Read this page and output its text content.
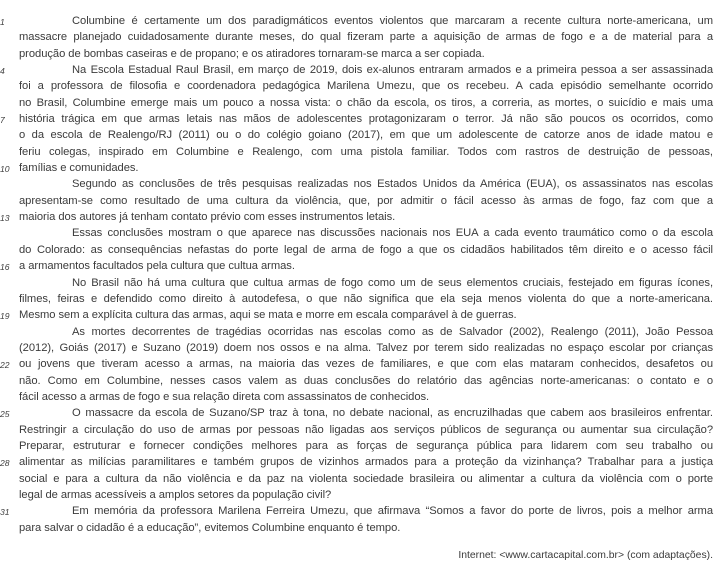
1	Columbine é certamente um dos paradigmáticos eventos violentos que marcaram a recente cultura norte-americana, um
massacre planejado cuidadosamente durante meses, do qual fizeram parte a aquisição de armas de fogo e a de material para a
produção de bombas caseiras e de propano; e os atiradores tornaram-se marca a ser copiada.
4	Na Escola Estadual Raul Brasil, em março de 2019, dois ex-alunos entraram armados e a primeira pessoa a ser assassinada
foi a professora de filosofia e coordenadora pedagógica Marilena Umezu, que os recebeu. A cada episódio semelhante ocorrido
no Brasil, Columbine emerge mais um pouco a nossa vista: o chão da escola, os tiros, a correria, as mortes, o suicídio e mais uma
7	história trágica em que armas letais nas mãos de adolescentes protagonizaram o terror. Já não são poucos os ocorridos, como
o da escola de Realengo/RJ (2011) ou o do colégio goiano (2017), em que um adolescente de catorze anos de idade matou e
feriu colegas, inspirado em Columbine e Realengo, com uma pistola familiar. Todos com rastros de destruição de pessoas,
10 famílias e comunidades.
Segundo as conclusões de três pesquisas realizadas nos Estados Unidos da América (EUA), os assassinatos nas escolas
apresentam-se como resultado de uma cultura da violência, que, por admitir o fácil acesso às armas de fogo, faz com que a
13 maioria dos autores já tenham contato prévio com esses instrumentos letais.
Essas conclusões mostram o que aparece nas discussões nacionais nos EUA a cada evento traumático como o da escola
do Colorado: as consequências nefastas do porte legal de arma de fogo a que os cidadãos habilitados têm direito e o acesso fácil
16 a armamentos facultados pela cultura que cultua armas.
No Brasil não há uma cultura que cultua armas de fogo como um de seus elementos cruciais, festejado em figuras ícones,
filmes, feiras e defendido como direito à autodefesa, o que não significa que ela seja menos violenta do que a norte-americana.
19 Mesmo sem a explícita cultura das armas, aqui se mata e morre em escala comparável à de guerras.
As mortes decorrentes de tragédias ocorridas nas escolas como as de Salvador (2002), Realengo (2011), João Pessoa
(2012), Goiás (2017) e Suzano (2019) doem nos ossos e na alma. Talvez por terem sido realizadas no espaço escolar por crianças
22 ou jovens que tiveram acesso a armas, na maioria das vezes de familiares, e que com elas mataram conhecidos, desafetos ou
não. Como em Columbine, nesses casos valem as duas conclusões do relatório das agências norte-americanas: o contato e o
fácil acesso a armas de fogo e sua relação direta com assassinatos de conhecidos.
25	O massacre da escola de Suzano/SP traz à tona, no debate nacional, as encruzilhadas que cabem aos brasileiros enfrentar.
Restringir a circulação do uso de armas por pessoas não ligadas aos serviços públicos de segurança ou aumentar sua circulação?
Preparar, estruturar e fornecer condições melhores para as forças de segurança pública para lidarem com seu trabalho ou
28 alimentar as milícias paramilitares e também grupos de vizinhos armados para a proteção da vizinhança? Trabalhar para a justiça
social e para a cultura da não violência e da paz na violenta sociedade brasileira ou alimentar a cultura da violência com o porte
legal de armas acessíveis a amplos setores da população civil?
31	Em memória da professora Marilena Ferreira Umezu, que afirmava “Somos a favor do porte de livros, pois a melhor arma
para salvar o cidadão é a educação”, evitemos Columbine enquanto é tempo.
Internet: <www.cartacapital.com.br> (com adaptações).
